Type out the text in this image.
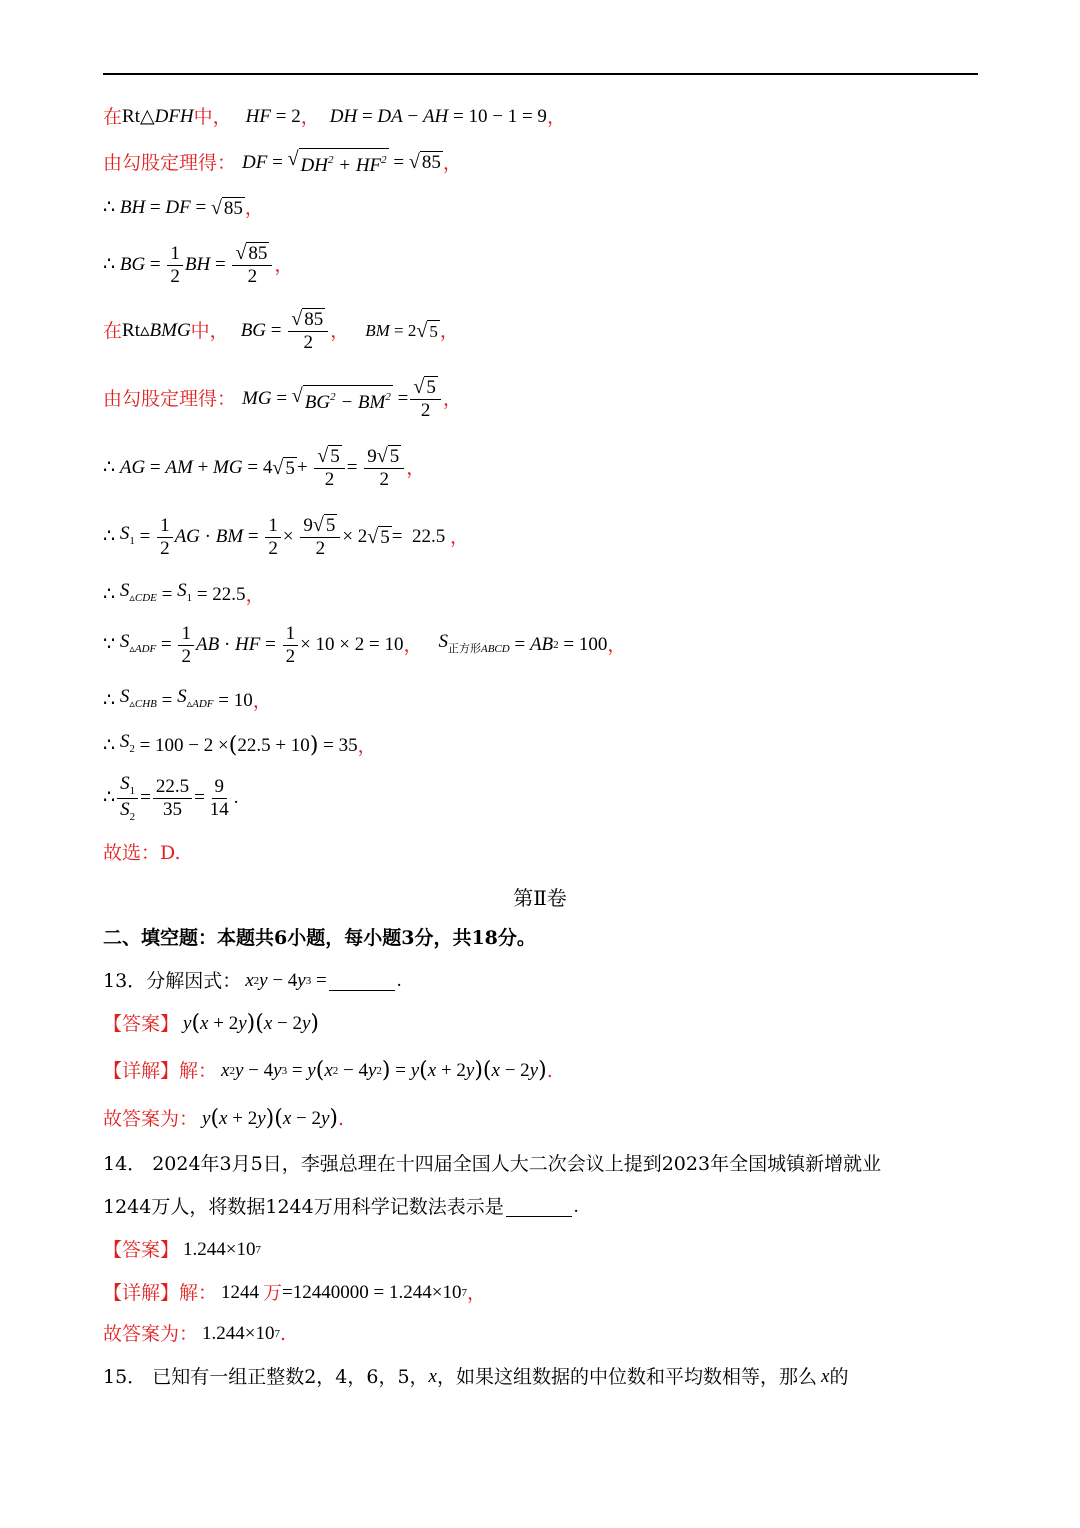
在 Rt△ DFH 中， HF = 2 ， DH = DA − AH = 10 − 1 = 9 ，
由勾股定理得： DF = √ $DH^2 + HF^2$ = √ 85 ，
∴ BH = DF = √ 85 ，
∴ BG = $\frac{1}{2}$ BH = $\frac{√ 85}{2}$ ，
在 Rt▵ BMG 中， BG = $\frac{√ 85}{2}$ ， BM = 2 √ 5 ，
由勾股定理得： MG = √ $BG^2 - BM^2 = \frac{√ 5}{2}$ ，
∴ AG = AM + MG = 4 √ $5 + \frac{√ 5}{2} = \frac{9 √ 5}{2}$ ，
∴ $S_1 = \frac{1}{2}$ AG · BM = $\frac{1}{2} \times \frac{9 √ 5}{2} \times 2$ √ 5 =  22.5 ，
∴ $S_{▵CDE} = S_1 = 22.5$ ，
∵ $S_{▵ADF} = \frac{1}{2}$ AB · HF = $\frac{1}{2} \times 10 \times 2 = 10$ ， $S_{正方形ABCD}$ = AB 2 = 100 ，
∴ $S_{▵CHB} = S_{▵ADF} = 10$ ，
∴ $S_2 = 100 - 2$ × ( 22.5 + 10 ) = 35 ，
∴ $\frac{S_1}{S_2} = \frac{22.5}{35} = \frac{9}{14}$ .
故选：D.
第Ⅱ卷
二、填空题：本题共6小题，每小题3分，共18分。
13． 分解因式： x 2 y − 4 y 3 =	.
【答案】 y ( x + 2 y )( x − 2 y )
【详解】 解： x 2 y − 4 y 3 = y ( x 2 − 4 y 2 ) = y ( x + 2 y )( x − 2 y ) .
故答案为： y ( x + 2 y )( x − 2 y ) .
14． 2024年3月5日，李强总理在十四届全国人大二次会议上提到2023年全国城镇新增就业
1244万人，将数据1244万用科学记数法表示是	.
【答案】 1.244×10 7
【详解】 解： 1244 万 =12440000 = 1.244×10 7 ，
故答案为： 1.244×10 7 .
15． 已知有一组正整数2，4，6，5， x ，如果这组数据的中位数和平均数相等，那么 x 的
